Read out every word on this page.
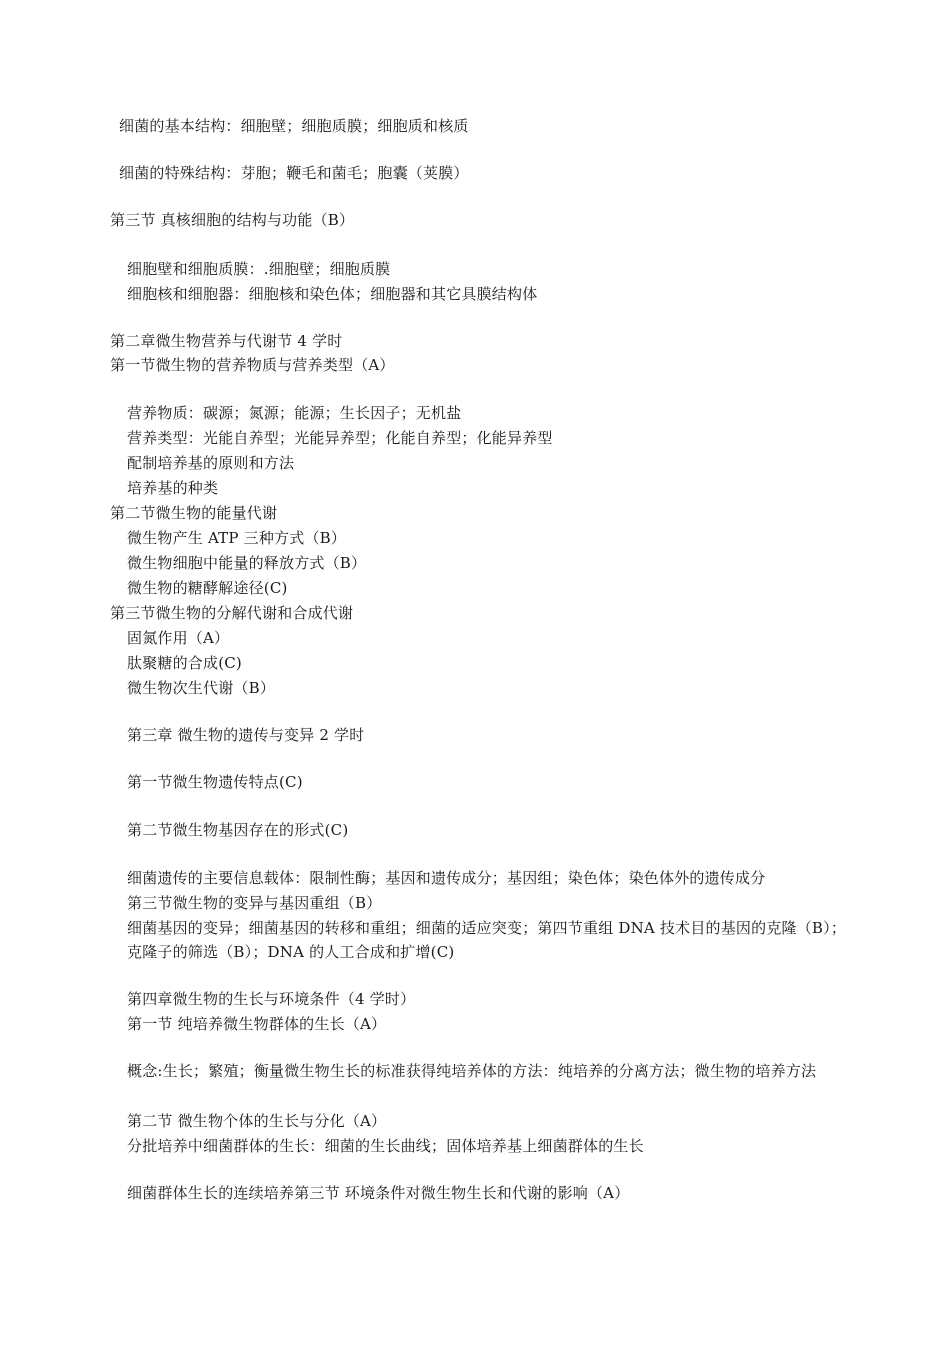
细菌的基本结构：细胞壁；细胞质膜；细胞质和核质
细菌的特殊结构：芽胞；鞭毛和菌毛；胞囊（荚膜）
第三节 真核细胞的结构与功能（B）
细胞壁和细胞质膜：.细胞壁；细胞质膜
细胞核和细胞器：细胞核和染色体；细胞器和其它具膜结构体
第二章微生物营养与代谢节 4 学时
第一节微生物的营养物质与营养类型（A）
营养物质：碳源；氮源；能源；生长因子；无机盐
营养类型：光能自养型；光能异养型；化能自养型；化能异养型
配制培养基的原则和方法
培养基的种类
第二节微生物的能量代谢
微生物产生 ATP 三种方式（B）
微生物细胞中能量的释放方式（B）
微生物的糖酵解途径(C)
第三节微生物的分解代谢和合成代谢
固氮作用（A）
肽聚糖的合成(C)
微生物次生代谢（B）
第三章 微生物的遗传与变异 2 学时
第一节微生物遗传特点(C)
第二节微生物基因存在的形式(C)
细菌遗传的主要信息载体：限制性酶；基因和遗传成分；基因组；染色体；染色体外的遗传成分
第三节微生物的变异与基因重组（B）
细菌基因的变异；细菌基因的转移和重组；细菌的适应突变；第四节重组 DNA 技术目的基因的克隆（B）；克隆子的筛选（B）；DNA 的人工合成和扩增(C)
第四章微生物的生长与环境条件（4 学时）
第一节 纯培养微生物群体的生长（A）
概念:生长；繁殖；衡量微生物生长的标准获得纯培养体的方法：纯培养的分离方法；微生物的培养方法
第二节 微生物个体的生长与分化（A）
分批培养中细菌群体的生长：细菌的生长曲线；固体培养基上细菌群体的生长
细菌群体生长的连续培养第三节 环境条件对微生物生长和代谢的影响（A）
